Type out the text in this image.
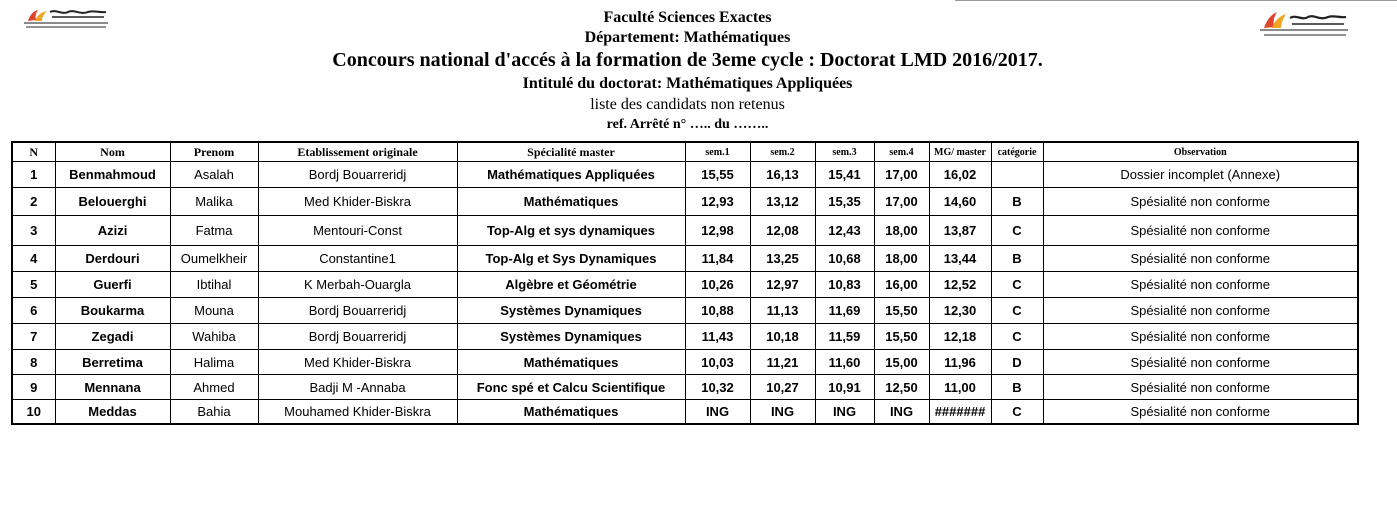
Faculté Sciences Exactes
Département: Mathématiques
Concours national d'accés à la formation de 3eme cycle : Doctorat LMD 2016/2017.
Intitulé du doctorat: Mathématiques Appliquées
liste des candidats non retenus
ref. Arrêté n° ….. du ……..
N	Nom	Prenom	Etablissement originale	Spécialité master	sem.1	sem.2	sem.3	sem.4	MG/ master	catégorie	Observation
1	Benmahmoud	Asalah	Bordj Bouarreridj	Mathématiques Appliquées	15,55	16,13	15,41	17,00	16,02		Dossier incomplet (Annexe)
2	Belouerghi	Malika	Med Khider-Biskra	Mathématiques	12,93	13,12	15,35	17,00	14,60	B	Spésialité non conforme
3	Azizi	Fatma	Mentouri-Const	Top-Alg et sys dynamiques	12,98	12,08	12,43	18,00	13,87	C	Spésialité non conforme
4	Derdouri	Oumelkheir	Constantine1	Top-Alg et Sys Dynamiques	11,84	13,25	10,68	18,00	13,44	B	Spésialité non conforme
5	Guerfi	Ibtihal	K Merbah-Ouargla	Algèbre et Géométrie	10,26	12,97	10,83	16,00	12,52	C	Spésialité non conforme
6	Boukarma	Mouna	Bordj Bouarreridj	Systèmes Dynamiques	10,88	11,13	11,69	15,50	12,30	C	Spésialité non conforme
7	Zegadi	Wahiba	Bordj Bouarreridj	Systèmes Dynamiques	11,43	10,18	11,59	15,50	12,18	C	Spésialité non conforme
8	Berretima	Halima	Med Khider-Biskra	Mathématiques	10,03	11,21	11,60	15,00	11,96	D	Spésialité non conforme
9	Mennana	Ahmed	Badji M -Annaba	Fonc spé et Calcu Scientifique	10,32	10,27	10,91	12,50	11,00	B	Spésialité non conforme
10	Meddas	Bahia	Mouhamed Khider-Biskra	Mathématiques	ING	ING	ING	ING	#######	C	Spésialité non conforme
